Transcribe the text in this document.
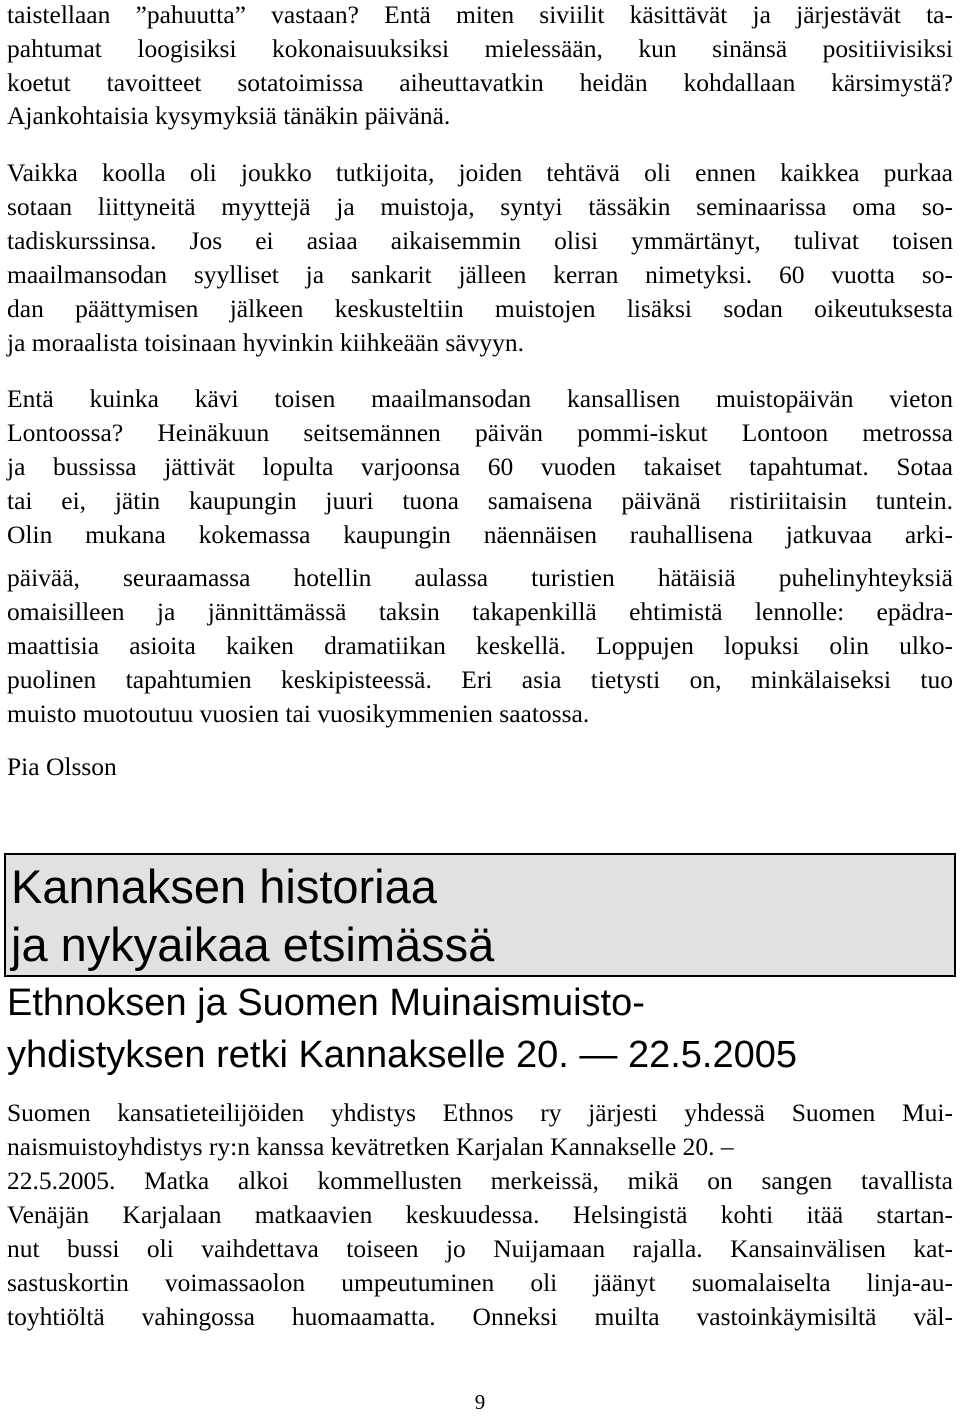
taistellaan ”pahuutta” vastaan? Entä miten siviilit käsittävät ja järjestävät ta-
pahtumat loogisiksi kokonaisuuksiksi mielessään, kun sinänsä positiivisiksi
koetut tavoitteet sotatoimissa aiheuttavatkin heidän kohdallaan kärsimystä?
Ajankohtaisia kysymyksiä tänäkin päivänä.
Vaikka koolla oli joukko tutkijoita, joiden tehtävä oli ennen kaikkea purkaa
sotaan liittyneitä myyttejä ja muistoja, syntyi tässäkin seminaarissa oma so-
tadiskurssinsa. Jos ei asiaa aikaisemmin olisi ymmärtänyt, tulivat toisen
maailmansodan syylliset ja sankarit jälleen kerran nimetyksi. 60 vuotta so-
dan päättymisen jälkeen keskusteltiin muistojen lisäksi sodan oikeutuksesta
ja moraalista toisinaan hyvinkin kiihkeään sävyyn.
Entä kuinka kävi toisen maailmansodan kansallisen muistopäivän vieton
Lontoossa? Heinäkuun seitsemännen päivän pommi-iskut Lontoon metrossa
ja bussissa jättivät lopulta varjoonsa 60 vuoden takaiset tapahtumat. Sotaa
tai ei, jätin kaupungin juuri tuona samaisena päivänä ristiriitaisin tuntein.
Olin mukana kokemassa kaupungin näennäisen rauhallisena jatkuvaa arki-
päivää, seuraamassa hotellin aulassa turistien hätäisiä puhelinyhteyksiä
omaisilleen ja jännittämässä taksin takapenkillä ehtimistä lennolle: epädra-
maattisia asioita kaiken dramatiikan keskellä. Loppujen lopuksi olin ulko-
puolinen tapahtumien keskipisteessä. Eri asia tietysti on, minkälaiseksi tuo
muisto muotoutuu vuosien tai vuosikymmenien saatossa.
Pia Olsson
Kannaksen historiaa
ja nykyaikaa etsimässä
Ethnoksen ja Suomen Muinaismuisto-
yhdistyksen retki Kannakselle 20. — 22.5.2005
Suomen kansatieteilijöiden yhdistys Ethnos ry järjesti yhdessä Suomen Mui-
naismuistoyhdistys ry:n kanssa kevätretken Karjalan Kannakselle 20. –
22.5.2005. Matka alkoi kommellusten merkeissä, mikä on sangen tavallista
Venäjän Karjalaan matkaavien keskuudessa. Helsingistä kohti itää startan-
nut bussi oli vaihdettava toiseen jo Nuijamaan rajalla. Kansainvälisen kat-
sastuskortin voimassaolon umpeutuminen oli jäänyt suomalaiselta linja-au-
toyhtiöltä vahingossa huomaamatta. Onneksi muilta vastoinkäymisiltä väl-
9
